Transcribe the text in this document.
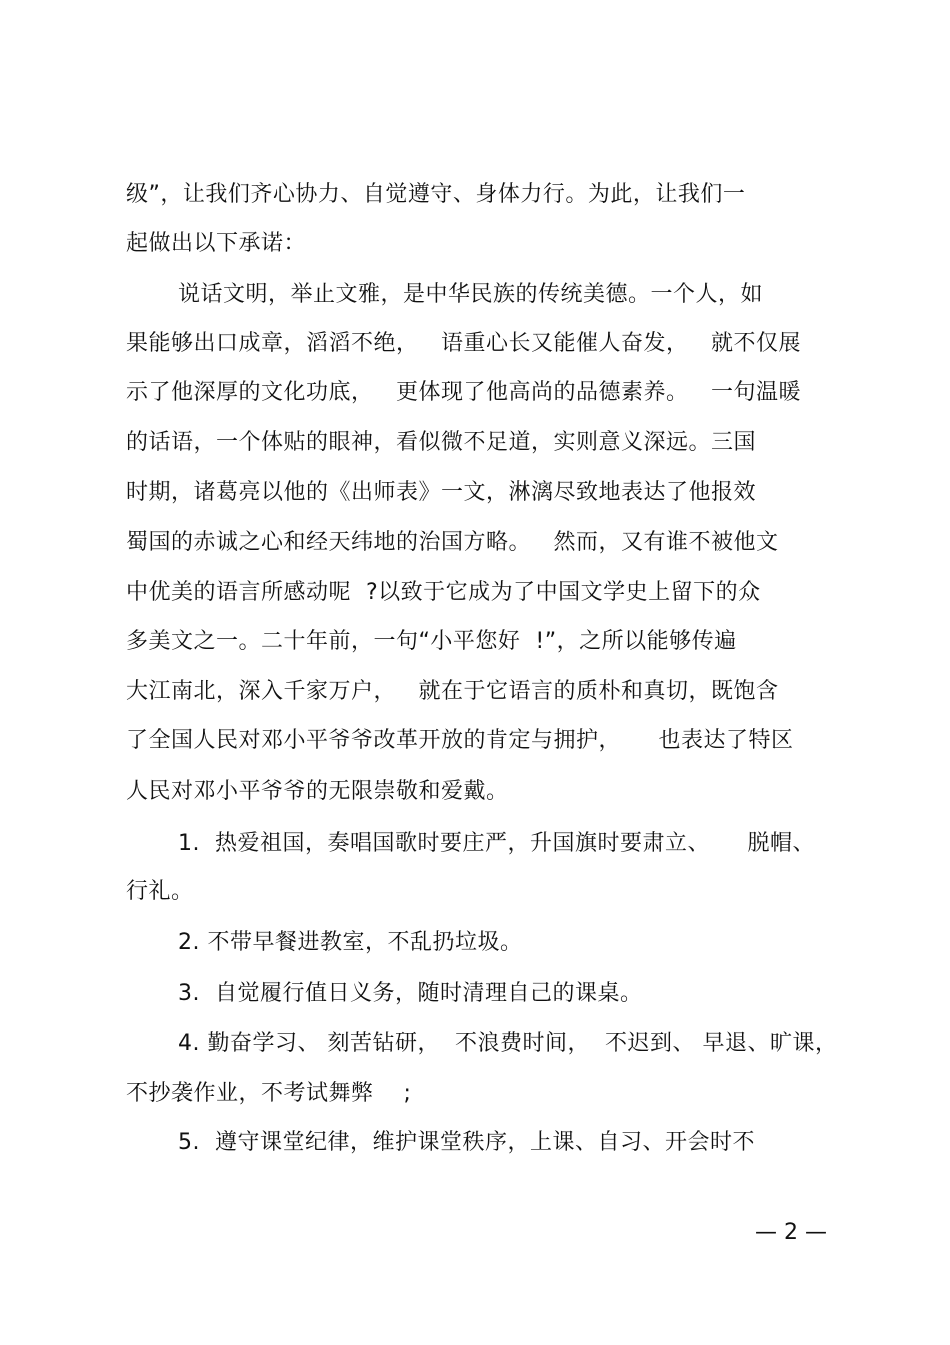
级”，让我们齐心协力、自觉遵守、身体力行。为此，让我们一
起做出以下承诺：
说话文明，举止文雅，是中华民族的传统美德。一个人，如
果能够出口成章，滔滔不绝，   语重心长又能催人奋发，   就不仅展
示了他深厚的文化功底，   更体现了他高尚的品德素养。   一句温暖
的话语，一个体贴的眼神，看似微不足道，实则意义深远。三国
时期，诸葛亮以他的《出师表》一文，淋漓尽致地表达了他报效
蜀国的赤诚之心和经天纬地的治国方略。   然而，又有谁不被他文
中优美的语言所感动呢  ?以致于它成为了中国文学史上留下的众
多美文之一。二十年前，一句“小平您好  !”，之所以能够传遍
大江南北，深入千家万户，   就在于它语言的质朴和真切，既饱含
了全国人民对邓小平爷爷改革开放的肯定与拥护，     也表达了特区
人民对邓小平爷爷的无限崇敬和爱戴。
1.  热爱祖国，奏唱国歌时要庄严，升国旗时要肃立、     脱帽、
行礼。
2. 不带早餐进教室，不乱扔垃圾。
3.  自觉履行值日义务，随时清理自己的课桌。
4. 勤奋学习、 刻苦钻研，  不浪费时间，  不迟到、 早退、旷课，
不抄袭作业，不考试舞弊    ;
5.  遵守课堂纪律，维护课堂秩序，上课、自习、开会时不
— 2 —
